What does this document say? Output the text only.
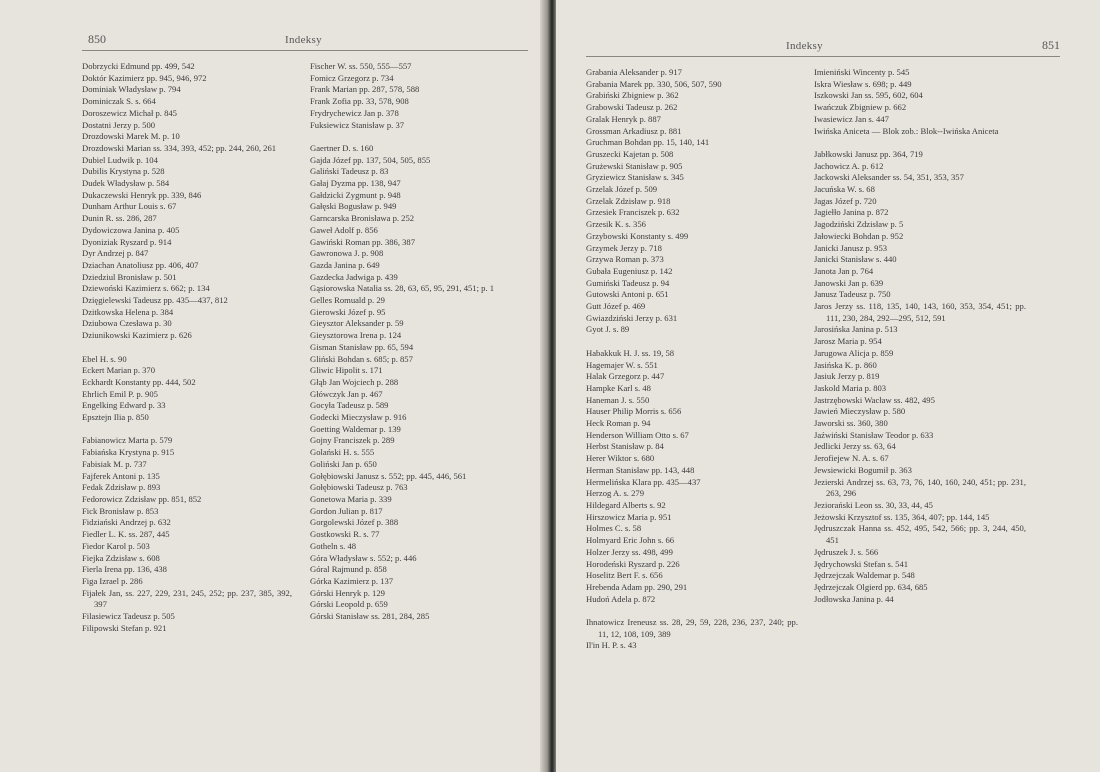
850	Indeksy
Dobrzycki Edmund pp. 499, 542
Doktór Kazimierz pp. 945, 946, 972
Dominiak Władysław p. 794
Dominiczak S. s. 664
Doroszewicz Michał p. 845
Dostatni Jerzy p. 500
Drozdowski Marek M. p. 10
Drozdowski Marian ss. 334, 393, 452; pp. 244, 260, 261
Dubiel Ludwik p. 104
Dubilis Krystyna p. 528
Dudek Władysław p. 584
Dukaczewski Henryk pp. 339, 846
Dunham Arthur Louis s. 67
Dunin R. ss. 286, 287
Dydowiczowa Janina p. 405
Dyoniziak Ryszard p. 914
Dyr Andrzej p. 847
Dziachan Anatoliusz pp. 406, 407
Dziedziul Bronisław p. 501
Dziewoński Kazimierz s. 662; p. 134
Dzięgielewski Tadeusz pp. 435—437, 812
Dzitkowska Helena p. 384
Dziubowa Czesława p. 30
Dziunikowski Kazimierz p. 626
Ebel H. s. 90
Eckert Marian p. 370
Eckhardt Konstanty pp. 444, 502
Ehrlich Emil P. p. 905
Engelking Edward p. 33
Epsztejn Ilia p. 850
Fabianowicz Marta p. 579
Fabiańska Krystyna p. 915
Fabisiak M. p. 737
Fajferek Antoni p. 135
Fedak Zdzisław p. 893
Fedorowicz Zdzisław pp. 851, 852
Fick Bronisław p. 853
Fidziański Andrzej p. 632
Fiedler L. K. ss. 287, 445
Fiedor Karol p. 503
Fiejka Zdzisław s. 608
Fierla Irena pp. 136, 438
Figa Izrael p. 286
Fijałek Jan, ss. 227, 229, 231, 245, 252; pp. 237, 385, 392, 397
Filasiewicz Tadeusz p. 505
Filipowski Stefan p. 921
Fischer W. ss. 550, 555—557
Fomicz Grzegorz p. 734
Frank Marian pp. 287, 578, 588
Frank Zofia pp. 33, 578, 908
Frydrychewicz Jan p. 378
Fuksiewicz Stanisław p. 37
Gaertner D. s. 160
Gajda Józef pp. 137, 504, 505, 855
Galiński Tadeusz p. 83
Gałaj Dyzma pp. 138, 947
Gałdzicki Zygmunt p. 948
Gałęski Bogusław p. 949
Garncarska Bronisława p. 252
Gaweł Adolf p. 856
Gawiński Roman pp. 386, 387
Gawronowa J. p. 908
Gazda Janina p. 649
Gazdecka Jadwiga p. 439
Gąsiorowska Natalia ss. 28, 63, 65, 95, 291, 451; p. 1
Gelles Romuald p. 29
Gierowski Józef p. 95
Gieysztor Aleksander p. 59
Gieysztorowa Irena p. 124
Gisman Stanisław pp. 65, 594
Gliński Bohdan s. 685; p. 857
Gliwic Hipolit s. 171
Głąb Jan Wojciech p. 288
Główczyk Jan p. 467
Gocyła Tadeusz p. 589
Godecki Mieczysław p. 916
Goetting Waldemar p. 139
Gojny Franciszek p. 289
Golański H. s. 555
Goliński Jan p. 650
Gołębiowski Janusz s. 552; pp. 445, 446, 561
Gołębiowski Tadeusz p. 763
Gonetowa Maria p. 339
Gordon Julian p. 817
Gorgolewski Józef p. 388
Gostkowski R. s. 77
Gotheln s. 48
Góra Władysław s. 552; p. 446
Góral Rajmund p. 858
Górka Kazimierz p. 137
Górski Henryk p. 129
Górski Leopold p. 659
Górski Stanisław ss. 281, 284, 285
Indeksy	851
Grabania Aleksander p. 917
Grabania Marek pp. 330, 506, 507, 590
Grabiński Zbigniew p. 362
Grabowski Tadeusz p. 262
Gralak Henryk p. 887
Grossman Arkadiusz p. 881
Gruchman Bohdan pp. 15, 140, 141
Gruszecki Kajetan p. 508
Grużewski Stanisław p. 905
Gryziewicz Stanisław s. 345
Grzelak Józef p. 509
Grzelak Zdzisław p. 918
Grzesiek Franciszek p. 632
Grzesik K. s. 356
Grzybowski Konstanty s. 499
Grzymek Jerzy p. 718
Grzywa Roman p. 373
Gubała Eugeniusz p. 142
Gumiński Tadeusz p. 94
Gutowski Antoni p. 651
Gutt Józef p. 469
Gwiazdziński Jerzy p. 631
Gyot J. s. 89
Habakkuk H. J. ss. 19, 58
Hagemajer W. s. 551
Halak Grzegorz p. 447
Hampke Karl s. 48
Haneman J. s. 550
Hauser Philip Morris s. 656
Heck Roman p. 94
Henderson William Otto s. 67
Herbst Stanisław p. 84
Herer Wiktor s. 680
Herman Stanisław pp. 143, 448
Hermelińska Klara pp. 435—437
Herzog A. s. 279
Hildegard Alberts s. 92
Hirszowicz Maria p. 951
Holmes C. s. 58
Holmyard Eric John s. 66
Holzer Jerzy ss. 498, 499
Horodeński Ryszard p. 226
Hoselitz Bert F. s. 656
Hrebenda Adam pp. 290, 291
Hudoń Adela p. 872
Ihnatowicz Ireneusz ss. 28, 29, 59, 228, 236, 237, 240; pp. 11, 12, 108, 109, 389
Il'in H. P. s. 43
Imieniński Wincenty p. 545
Iskra Wiesław s. 698; p. 449
Iszkowski Jan ss. 595, 602, 604
Iwańczuk Zbigniew p. 662
Iwasiewicz Jan s. 447
Iwińska Aniceta — Blok zob.: Blok--Iwińska Aniceta
Jabłkowski Janusz pp. 364, 719
Jachowicz A. p. 612
Jackowski Aleksander ss. 54, 351, 353, 357
Jacuńska W. s. 68
Jagas Józef p. 720
Jagiełło Janina p. 872
Jagodziński Zdzisław p. 5
Jałowiecki Bohdan p. 952
Janicki Janusz p. 953
Janicki Stanisław s. 440
Janota Jan p. 764
Janowski Jan p. 639
Janusz Tadeusz p. 750
Jaros Jerzy ss. 118, 135, 140, 143, 160, 353, 354, 451; pp. 111, 230, 284, 292—295, 512, 591
Jarosińska Janina p. 513
Jarosz Maria p. 954
Jarugowa Alicja p. 859
Jasińska K. p. 860
Jasiuk Jerzy p. 819
Jaskold Maria p. 803
Jastrzębowski Wacław ss. 482, 495
Jawień Mieczysław p. 580
Jaworski ss. 360, 380
Jaźwiński Stanisław Teodor p. 633
Jedlicki Jerzy ss. 63, 64
Jerofiejew N. A. s. 67
Jewsiewicki Bogumił p. 363
Jezierski Andrzej ss. 63, 73, 76, 140, 160, 240, 451; pp. 231, 263, 296
Jeziorański Leon ss. 30, 33, 44, 45
Jeżowski Krzysztof ss. 135, 364, 407; pp. 144, 145
Jędruszczak Hanna ss. 452, 495, 542, 566; pp. 3, 244, 450, 451
Jędruszek J. s. 566
Jędrychowski Stefan s. 541
Jędrzejczak Waldemar p. 548
Jędrzejczak Olgierd pp. 634, 685
Jodłowska Janina p. 44
